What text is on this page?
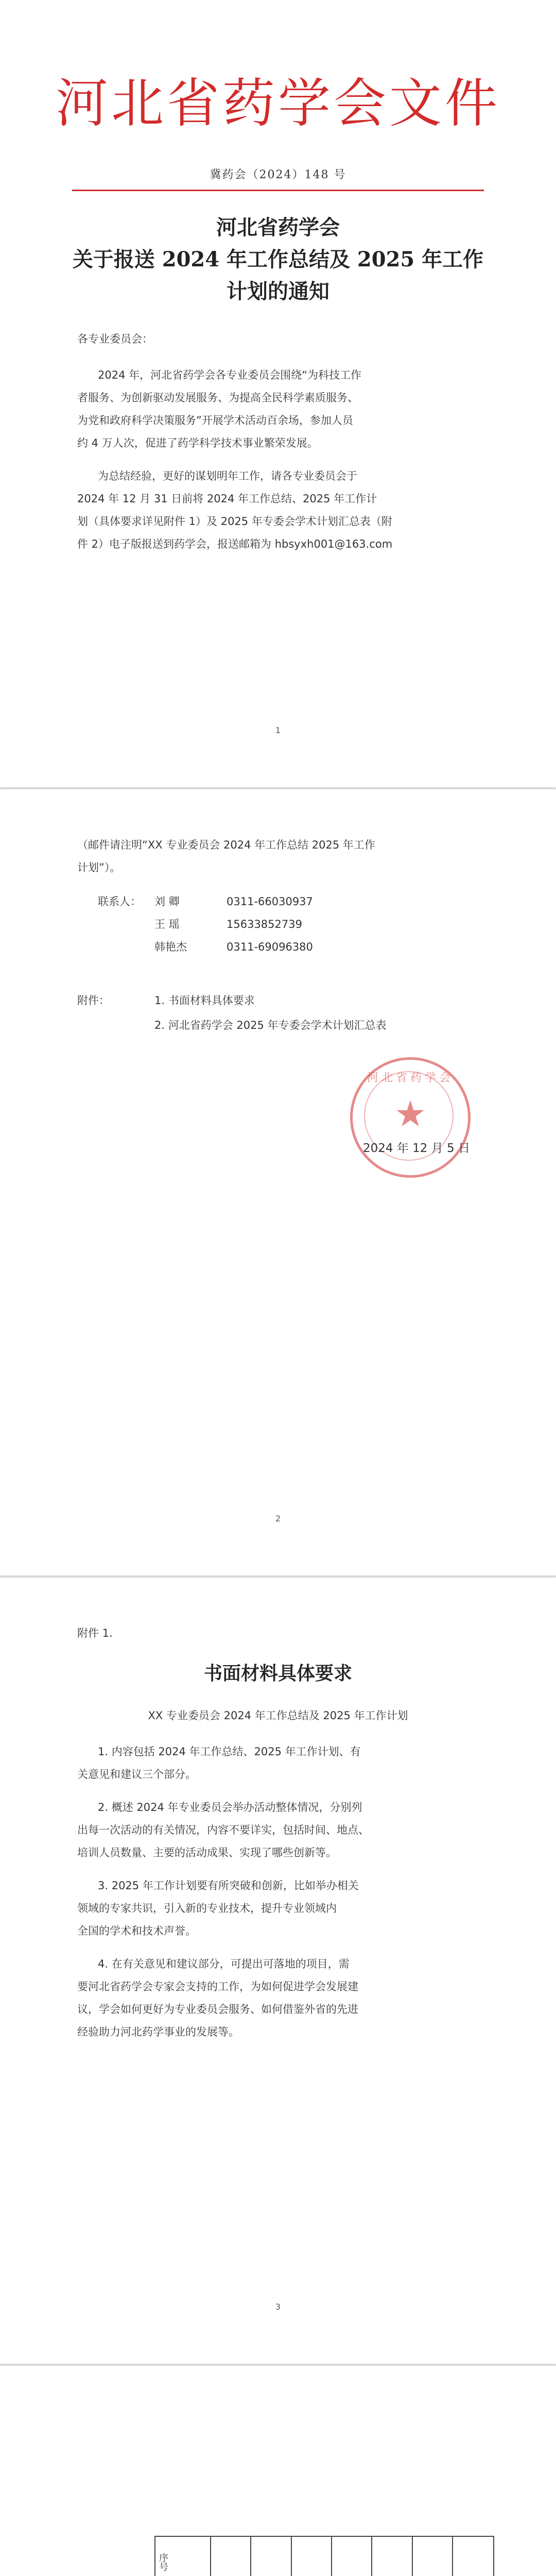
河北省药学会文件
冀药会（2024）148 号
河北省药学会
关于报送 2024 年工作总结及 2025 年工作
计划的通知
各专业委员会：
2024 年，河北省药学会各专业委员会围绕“为科技工作
者服务、为创新驱动发展服务、为提高全民科学素质服务、
为党和政府科学决策服务”开展学术活动百余场，参加人员
约 4 万人次，促进了药学科学技术事业繁荣发展。
为总结经验，更好的谋划明年工作，请各专业委员会于
2024 年 12 月 31 日前将 2024 年工作总结、2025 年工作计
划（具体要求详见附件 1）及 2025 年专委会学术计划汇总表（附
件 2）电子版报送到药学会，报送邮箱为 hbsyxh001@163.com
1
（邮件请注明“XX 专业委员会 2024 年工作总结 2025 年工作
计划”）。
联系人： 刘 卿	0311-66030937
王 瑶	15633852739
韩艳杰	0311-69096380
附件：	1. 书面材料具体要求
2. 河北省药学会 2025 年专委会学术计划汇总表
河北省药学会
★
2024 年 12 月 5 日
2
附件 1.
书面材料具体要求
XX 专业委员会 2024 年工作总结及 2025 年工作计划
1. 内容包括 2024 年工作总结、2025 年工作计划、有
关意见和建议三个部分。
2. 概述 2024 年专业委员会举办活动整体情况，分别列
出每一次活动的有关情况，内容不要详实，包括时间、地点、
培训人员数量、主要的活动成果、实现了哪些创新等。
3. 2025 年工作计划要有所突破和创新，比如举办相关
领域的专家共识，引入新的专业技术，提升专业领域内
全国的学术和技术声誉。
4. 在有关意见和建议部分，可提出可落地的项目，需
要河北省药学会专家会支持的工作，为如何促进学会发展建
议，学会如何更好为专业委员会服务、如何借鉴外省的先进
经验助力河北药学事业的发展等。
3
序号							
